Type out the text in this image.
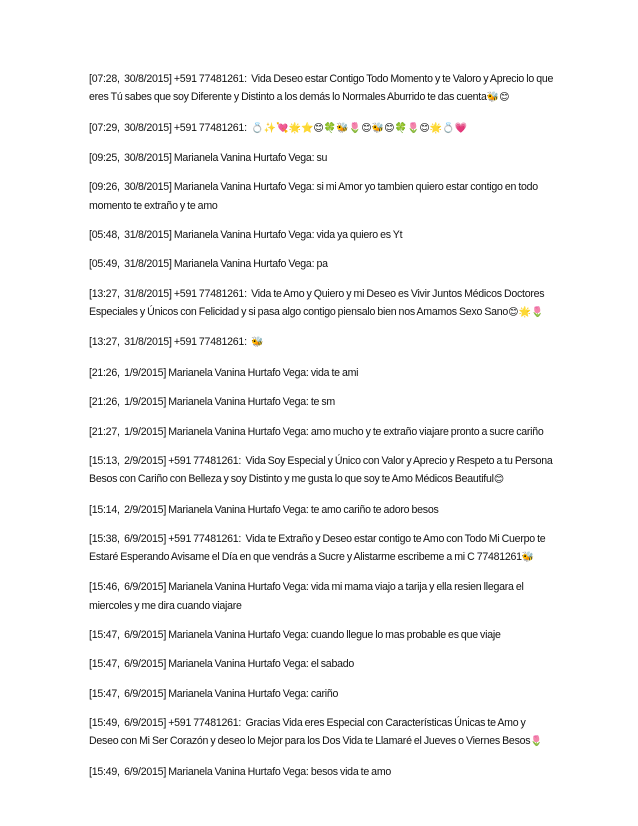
[07:28,  30/8/2015] +591 77481261:  Vida Deseo estar Contigo Todo Momento y te Valoro y Aprecio lo que eres Tú sabes que soy Diferente y Distinto a los demás lo Normales Aburrido te das cuenta🐝😊

[07:29,  30/8/2015] +591 77481261:  💍✨💘🌟⭐😊🍀🐝🌷😊🐝😊🍀🌷😊🌟💍💗

[09:25,  30/8/2015] Marianela Vanina Hurtafo Vega: su

[09:26,  30/8/2015] Marianela Vanina Hurtafo Vega: si mi Amor yo tambien quiero estar contigo en todo momento te extraño y te amo

[05:48,  31/8/2015] Marianela Vanina Hurtafo Vega: vida ya quiero es Yt

[05:49,  31/8/2015] Marianela Vanina Hurtafo Vega: pa

[13:27,  31/8/2015] +591 77481261:  Vida te Amo y Quiero y mi Deseo es Vivir Juntos Médicos Doctores Especiales y Únicos con Felicidad y si pasa algo contigo piensalo bien nos Amamos Sexo Sano😊🌟🌷

[13:27,  31/8/2015] +591 77481261:  🐝

[21:26,  1/9/2015] Marianela Vanina Hurtafo Vega: vida te ami

[21:26,  1/9/2015] Marianela Vanina Hurtafo Vega: te sm

[21:27,  1/9/2015] Marianela Vanina Hurtafo Vega: amo mucho y te extraño viajare pronto a sucre cariño

[15:13,  2/9/2015] +591 77481261:  Vida Soy Especial y Único con Valor y Aprecio y Respeto a tu Persona Besos con Cariño con Belleza y soy Distinto y me gusta lo que soy te Amo Médicos Beautiful😊

[15:14,  2/9/2015] Marianela Vanina Hurtafo Vega: te amo cariño te adoro besos

[15:38,  6/9/2015] +591 77481261:  Vida te Extraño y Deseo estar contigo te Amo con Todo Mi Cuerpo te Estaré Esperando Avisame el Día en que vendrás a Sucre y Alistarme escribeme a mi C 77481261🐝

[15:46,  6/9/2015] Marianela Vanina Hurtafo Vega: vida mi mama viajo a tarija y ella resien llegara el miercoles y me dira cuando viajare

[15:47,  6/9/2015] Marianela Vanina Hurtafo Vega: cuando llegue lo mas probable es que viaje

[15:47,  6/9/2015] Marianela Vanina Hurtafo Vega: el sabado

[15:47,  6/9/2015] Marianela Vanina Hurtafo Vega: cariño

[15:49,  6/9/2015] +591 77481261:  Gracias Vida eres Especial con Características Únicas te Amo y Deseo con Mi Ser Corazón y deseo lo Mejor para los Dos Vida te Llamaré el Jueves o Viernes Besos🌷

[15:49,  6/9/2015] Marianela Vanina Hurtafo Vega: besos vida te amo
